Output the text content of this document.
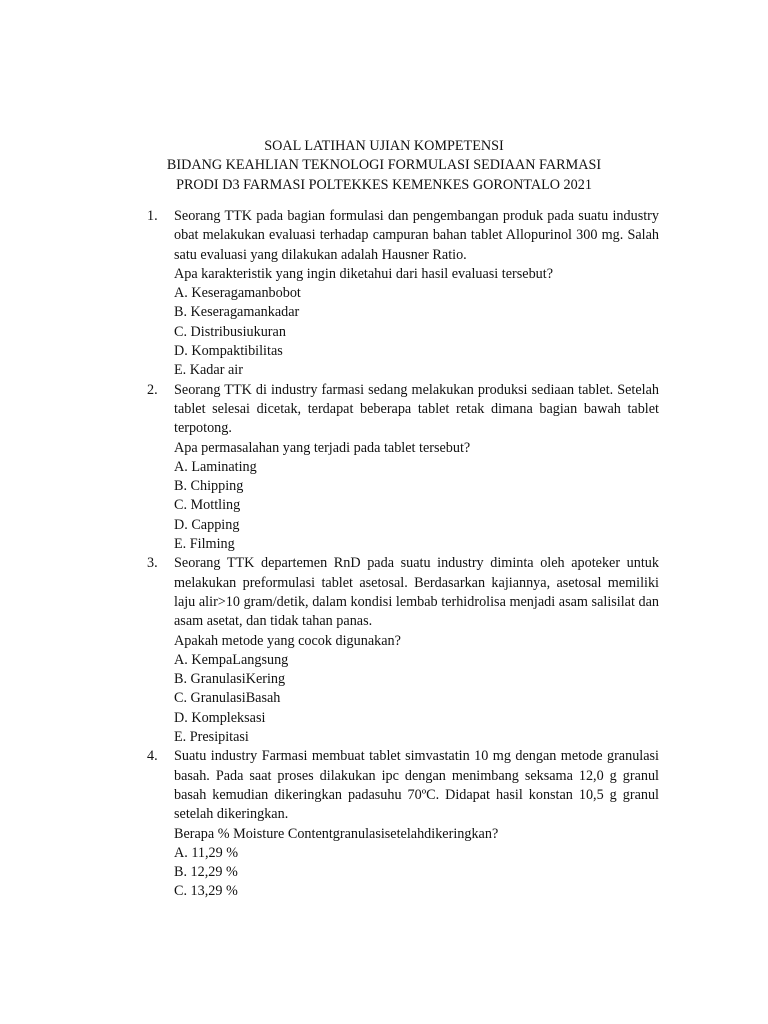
SOAL LATIHAN UJIAN KOMPETENSI
BIDANG KEAHLIAN TEKNOLOGI FORMULASI SEDIAAN FARMASI
PRODI D3 FARMASI POLTEKKES KEMENKES GORONTALO 2021
1. Seorang TTK pada bagian formulasi dan pengembangan produk pada suatu industry obat melakukan evaluasi terhadap campuran bahan tablet Allopurinol 300 mg. Salah satu evaluasi yang dilakukan adalah Hausner Ratio.
Apa karakteristik yang ingin diketahui dari hasil evaluasi tersebut?
A. Keseragamanbobot
B. Keseragamankadar
C. Distribusiukuran
D. Kompaktibilitas
E. Kadar air
2. Seorang TTK di industry farmasi sedang melakukan produksi sediaan tablet. Setelah tablet selesai dicetak, terdapat beberapa tablet retak dimana bagian bawah tablet terpotong.
Apa permasalahan yang terjadi pada tablet tersebut?
A. Laminating
B. Chipping
C. Mottling
D. Capping
E. Filming
3. Seorang TTK departemen RnD pada suatu industry diminta oleh apoteker untuk melakukan preformulasi tablet asetosal. Berdasarkan kajiannya, asetosal memiliki laju alir>10 gram/detik, dalam kondisi lembab terhidrolisa menjadi asam salisilat dan asam asetat, dan tidak tahan panas.
Apakah metode yang cocok digunakan?
A. KempaLangsung
B. GranulasiKering
C. GranulasiBasah
D. Kompleksasi
E. Presipitasi
4. Suatu industry Farmasi membuat tablet simvastatin 10 mg dengan metode granulasi basah. Pada saat proses dilakukan ipc dengan menimbang seksama 12,0 g granul basah kemudian dikeringkan padasuhu 70ºC. Didapat hasil konstan 10,5 g granul setelah dikeringkan.
Berapa % Moisture Contentgranulasisetelahdikeringkan?
A. 11,29 %
B. 12,29 %
C. 13,29 %
